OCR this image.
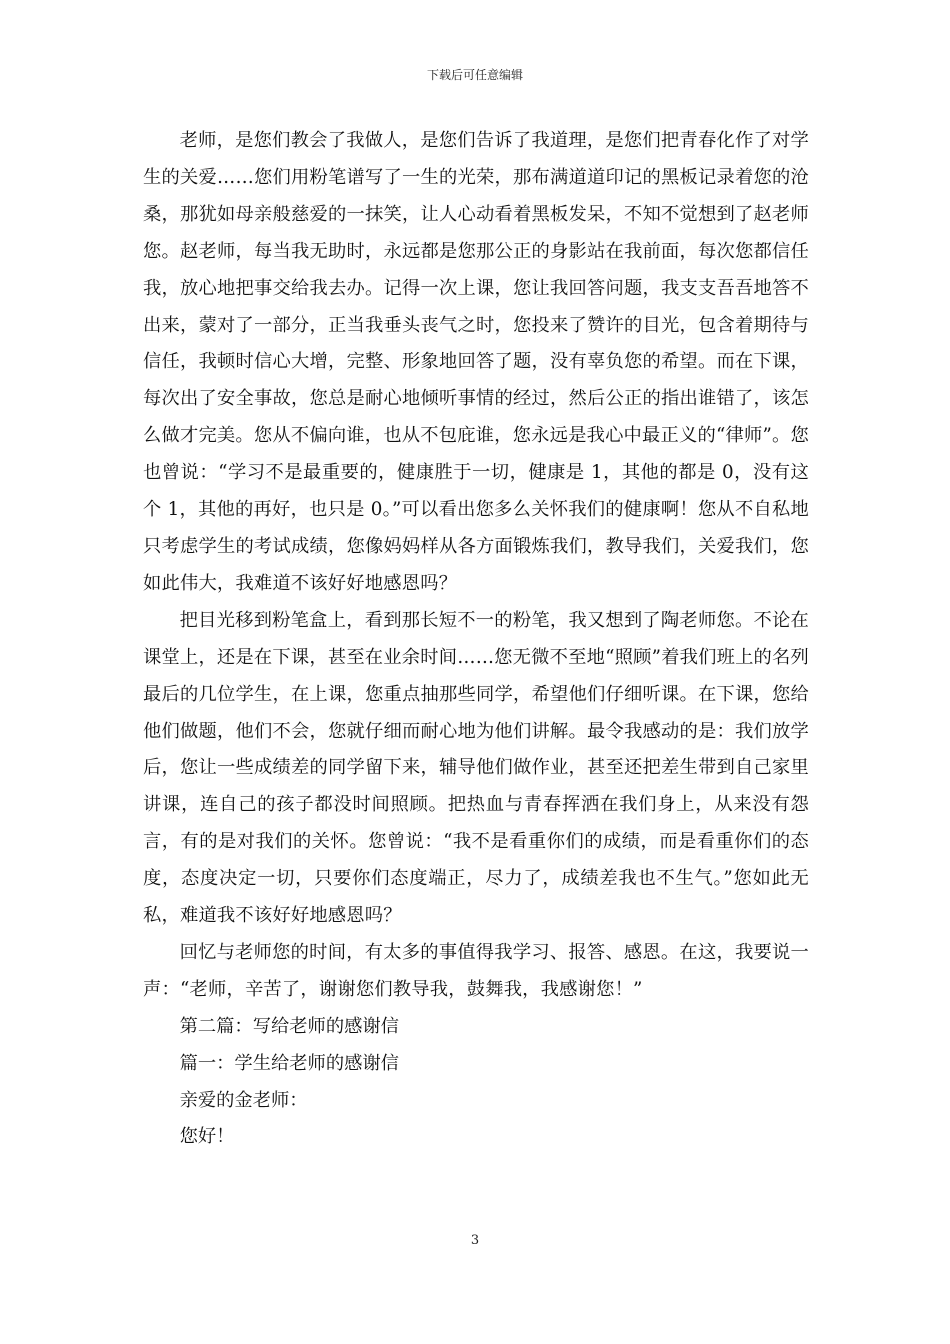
下载后可任意编辑

老师，是您们教会了我做人，是您们告诉了我道理，是您们把青春化作了对学生的关爱……您们用粉笔谱写了一生的光荣，那布满道道印记的黑板记录着您的沧桑，那犹如母亲般慈爱的一抹笑，让人心动看着黑板发呆，不知不觉想到了赵老师您。赵老师，每当我无助时，永远都是您那公正的身影站在我前面，每次您都信任我，放心地把事交给我去办。记得一次上课，您让我回答问题，我支支吾吾地答不出来，蒙对了一部分，正当我垂头丧气之时，您投来了赞许的目光，包含着期待与信任，我顿时信心大增，完整、形象地回答了题，没有辜负您的希望。而在下课，每次出了安全事故，您总是耐心地倾听事情的经过，然后公正的指出谁错了，该怎么做才完美。您从不偏向谁，也从不包庇谁，您永远是我心中最正义的“律师”。您也曾说：“学习不是最重要的，健康胜于一切，健康是 1，其他的都是 0，没有这个 1，其他的再好，也只是 0。”可以看出您多么关怀我们的健康啊！您从不自私地只考虑学生的考试成绩，您像妈妈样从各方面锻炼我们，教导我们，关爱我们，您如此伟大，我难道不该好好地感恩吗？

把目光移到粉笔盒上，看到那长短不一的粉笔，我又想到了陶老师您。不论在课堂上，还是在下课，甚至在业余时间……您无微不至地“照顾”着我们班上的名列最后的几位学生，在上课，您重点抽那些同学，希望他们仔细听课。在下课，您给他们做题，他们不会，您就仔细而耐心地为他们讲解。最令我感动的是：我们放学后，您让一些成绩差的同学留下来，辅导他们做作业，甚至还把差生带到自己家里讲课，连自己的孩子都没时间照顾。把热血与青春挥洒在我们身上，从来没有怨言，有的是对我们的关怀。您曾说：“我不是看重你们的成绩，而是看重你们的态度，态度决定一切，只要你们态度端正，尽力了，成绩差我也不生气。”您如此无私，难道我不该好好地感恩吗？

回忆与老师您的时间，有太多的事值得我学习、报答、感恩。在这，我要说一声：“老师，辛苦了，谢谢您们教导我，鼓舞我，我感谢您！”

第二篇：写给老师的感谢信

篇一：学生给老师的感谢信

亲爱的金老师：

您好！

3
